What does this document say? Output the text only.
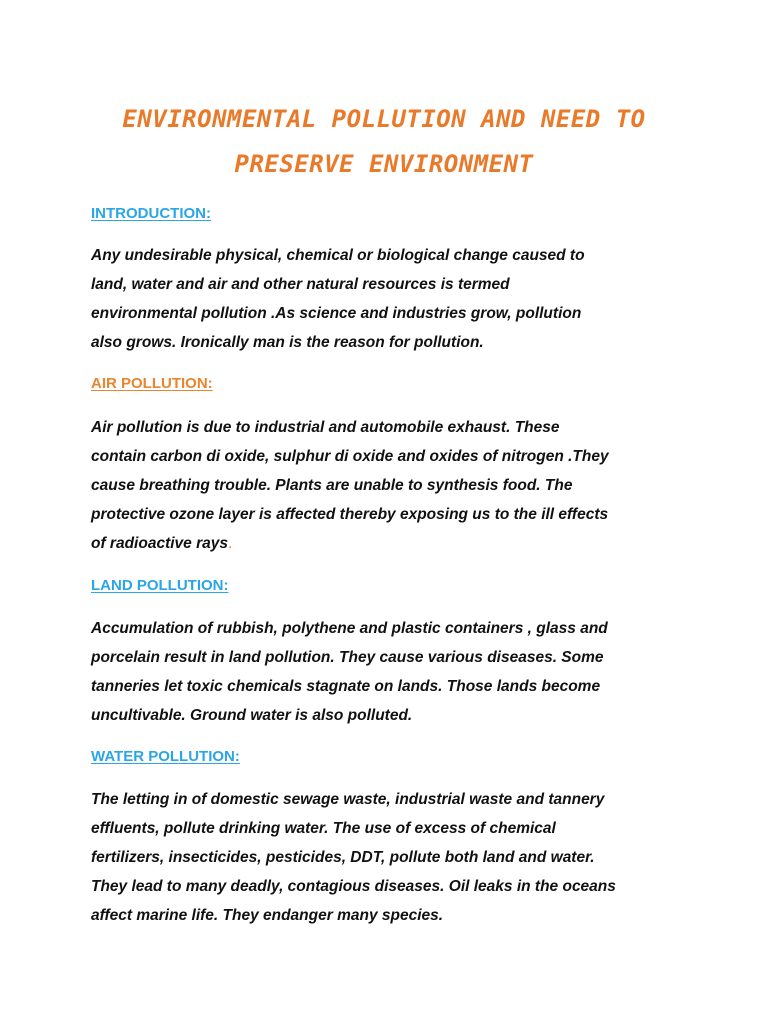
ENVIRONMENTAL POLLUTION AND NEED TO
PRESERVE ENVIRONMENT
INTRODUCTION:
Any undesirable physical, chemical or biological change caused to
land, water and air and other natural resources is termed
environmental pollution .As science and industries grow, pollution
also grows. Ironically man is the reason for pollution.
AIR POLLUTION:
Air pollution is due to industrial and automobile exhaust. These
contain carbon di oxide, sulphur di oxide and oxides of nitrogen .They
cause breathing trouble. Plants are unable to synthesis food. The
protective ozone layer is affected thereby exposing us to the ill effects
of radioactive rays.
LAND POLLUTION:
Accumulation of rubbish, polythene and plastic containers , glass and
porcelain result in land pollution. They cause various diseases. Some
tanneries let toxic chemicals stagnate on lands. Those lands become
uncultivable. Ground water is also polluted.
WATER POLLUTION:
The letting in of domestic sewage waste, industrial waste and tannery
effluents, pollute drinking water. The use of excess of chemical
fertilizers, insecticides, pesticides, DDT, pollute both land and water.
They lead to many deadly, contagious diseases. Oil leaks in the oceans
affect marine life. They endanger many species.
